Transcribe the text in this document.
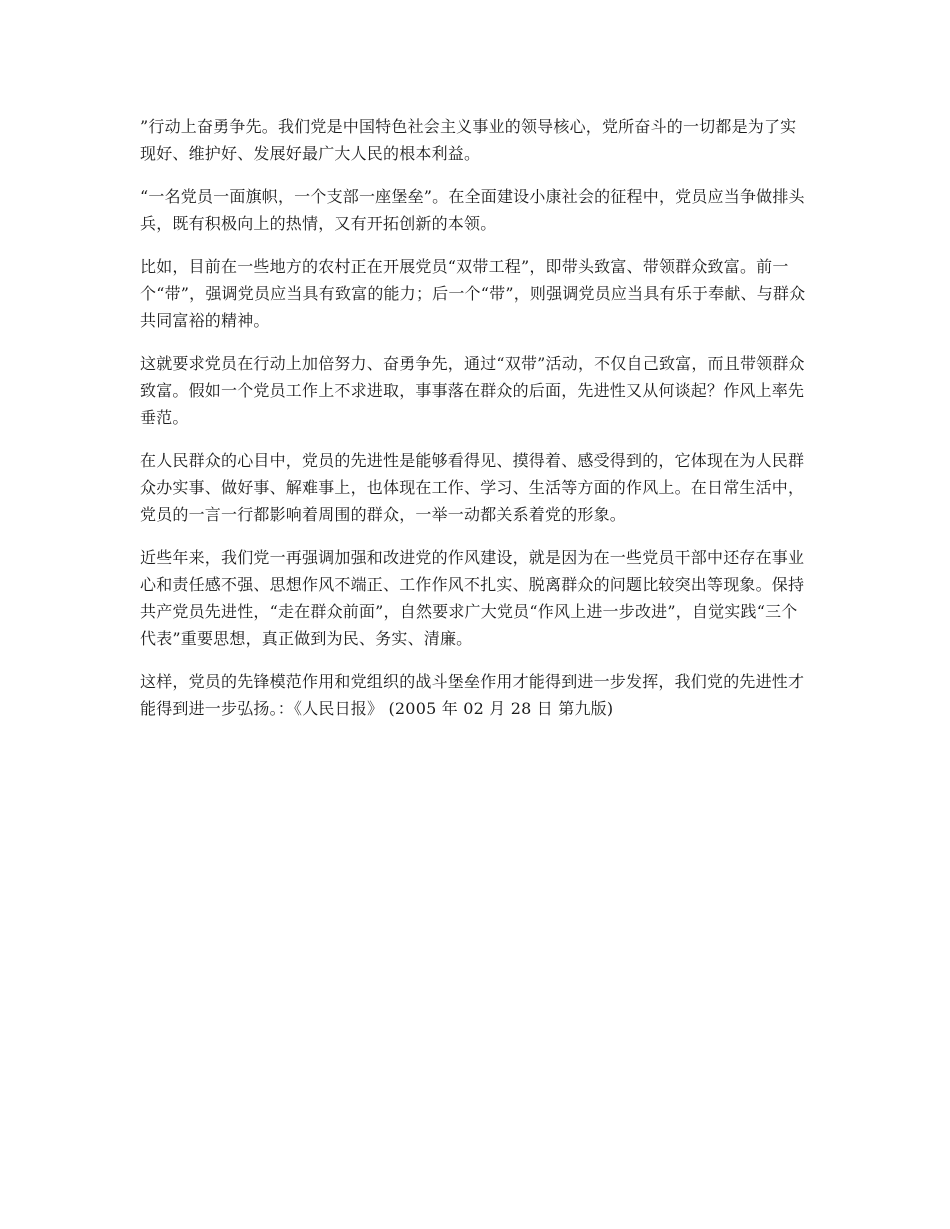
”行动上奋勇争先。我们党是中国特色社会主义事业的领导核心，党所奋斗的一切都是为了实现好、维护好、发展好最广大人民的根本利益。

“一名党员一面旗帜，一个支部一座堡垒”。在全面建设小康社会的征程中，党员应当争做排头兵，既有积极向上的热情，又有开拓创新的本领。

比如，目前在一些地方的农村正在开展党员“双带工程”，即带头致富、带领群众致富。前一个“带”，强调党员应当具有致富的能力；后一个“带”，则强调党员应当具有乐于奉献、与群众共同富裕的精神。

这就要求党员在行动上加倍努力、奋勇争先，通过“双带”活动，不仅自己致富，而且带领群众致富。假如一个党员工作上不求进取，事事落在群众的后面，先进性又从何谈起？作风上率先垂范。

在人民群众的心目中，党员的先进性是能够看得见、摸得着、感受得到的，它体现在为人民群众办实事、做好事、解难事上，也体现在工作、学习、生活等方面的作风上。在日常生活中，党员的一言一行都影响着周围的群众，一举一动都关系着党的形象。

近些年来，我们党一再强调加强和改进党的作风建设，就是因为在一些党员干部中还存在事业心和责任感不强、思想作风不端正、工作作风不扎实、脱离群众的问题比较突出等现象。保持共产党员先进性，“走在群众前面”，自然要求广大党员“作风上进一步改进”，自觉实践“三个代表”重要思想，真正做到为民、务实、清廉。

这样，党员的先锋模范作用和党组织的战斗堡垒作用才能得到进一步发挥，我们党的先进性才能得到进一步弘扬。：《人民日报》 (2005 年 02 月 28 日 第九版)
